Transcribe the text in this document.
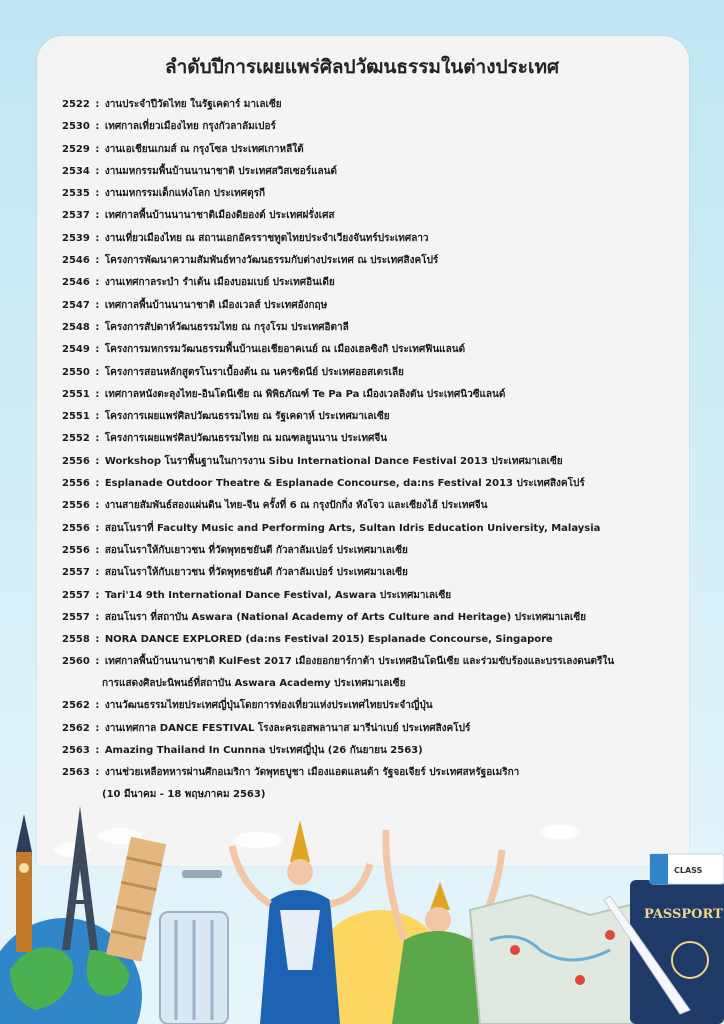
ลำดับปีการเผยแพร่ศิลปวัฒนธรรมในต่างประเทศ
2522 : งานประจำปีวัดไทย ในรัฐเคดาร์ มาเลเซีย
2530 : เทศกาลเที่ยวเมืองไทย กรุงกัวลาลัมเปอร์
2529 : งานเอเชียนเกมส์ ณ กรุงโซล ประเทศเกาหลีใต้
2534 : งานมหกรรมพื้นบ้านนานาชาติ ประเทศสวิสเซอร์แลนด์
2535 : งานมหกรรมเด็กแห่งโลก ประเทศตุรกี
2537 : เทศกาลพื้นบ้านนานาชาติเมืองดิยองต์ ประเทศฝรั่งเศส
2539 : งานเที่ยวเมืองไทย ณ สถานเอกอัครราชทูตไทยประจำเวียงจันทร์ประเทศลาว
2546 : โครงการพัฒนาความสัมพันธ์ทางวัฒนธรรมกับต่างประเทศ ณ ประเทศสิงคโปร์
2546 : งานเทศกาลระบำ รำเต้น เมืองบอมเบย์ ประเทศอินเดีย
2547 : เทศกาลพื้นบ้านนานาชาติ เมืองเวลส์ ประเทศอังกฤษ
2548 : โครงการสัปดาห์วัฒนธรรมไทย ณ กรุงโรม ประเทศอิตาลี
2549 : โครงการมหกรรมวัฒนธรรมพื้นบ้านเอเชียอาคเนย์ ณ เมืองเฮลซิงกิ ประเทศฟินแลนด์
2550 : โครงการสอนหลักสูตรโนราเบื้องต้น ณ นครซิดนีย์ ประเทศออสเตรเลีย
2551 : เทศกาลหนังตะลุงไทย-อินโดนีเซีย ณ พิพิธภัณฑ์ Te Pa Pa เมืองเวลลิงตัน ประเทศนิวซีแลนด์
2551 : โครงการเผยแพร่ศิลปวัฒนธรรมไทย ณ รัฐเคดาห์ ประเทศมาเลเซีย
2552 : โครงการเผยแพร่ศิลปวัฒนธรรมไทย ณ มณฑลยูนนาน ประเทศจีน
2556 : Workshop โนราพื้นฐานในการงาน Sibu International Dance Festival 2013 ประเทศมาเลเซีย
2556 : Esplanade Outdoor Theatre & Esplanade Concourse, da:ns Festival 2013 ประเทศสิงคโปร์
2556 : งานสายสัมพันธ์สองแผ่นดิน ไทย-จีน ครั้งที่ 6 ณ กรุงปักกิ่ง หังโจว และเซียงไฮ้ ประเทศจีน
2556 : สอนโนราที่ Faculty Music and Performing Arts, Sultan Idris Education University, Malaysia
2556 : สอนโนราให้กับเยาวชน ที่วัดพุทธชยันตี กัวลาลัมเปอร์ ประเทศมาเลเซีย
2557 : สอนโนราให้กับเยาวชน ที่วัดพุทธชยันตี กัวลาลัมเปอร์ ประเทศมาเลเซีย
2557 : Tari'14 9th International Dance Festival, Aswara ประเทศมาเลเซีย
2557 : สอนโนรา ที่สถาบัน Aswara (National Academy of Arts Culture and Heritage) ประเทศมาเลเซีย
2558 : NORA DANCE EXPLORED (da:ns Festival 2015) Esplanade Concourse, Singapore
2560 : เทศกาลพื้นบ้านนานาชาติ KulFest 2017 เมืองยอกยาร์กาต้า ประเทศอินโดนีเซีย และร่วมขับร้องและบรรเลงดนตรีใน
การแสดงศิลปะนิพนธ์ที่สถาบัน Aswara Academy ประเทศมาเลเซีย
2562 : งานวัฒนธรรมไทยประเทศญี่ปุ่นโดยการท่องเที่ยวแห่งประเทศไทยประจำญี่ปุ่น
2562 : งานเทศกาล DANCE FESTIVAL โรงละครเอสพลานาส มารีน่าเบย์ ประเทศสิงคโปร์
2563 : Amazing Thailand In Cunnna ประเทศญี่ปุ่น (26 กันยายน 2563)
2563 : งานช่วยเหลือทหารผ่านศึกอเมริกา วัดพุทธบูชา เมืองแอตแลนต้า รัฐจอเจียร์ ประเทศสหรัฐอเมริกา
(10 มีนาคม - 18 พฤษภาคม 2563)
PASSPORT
CLASS
